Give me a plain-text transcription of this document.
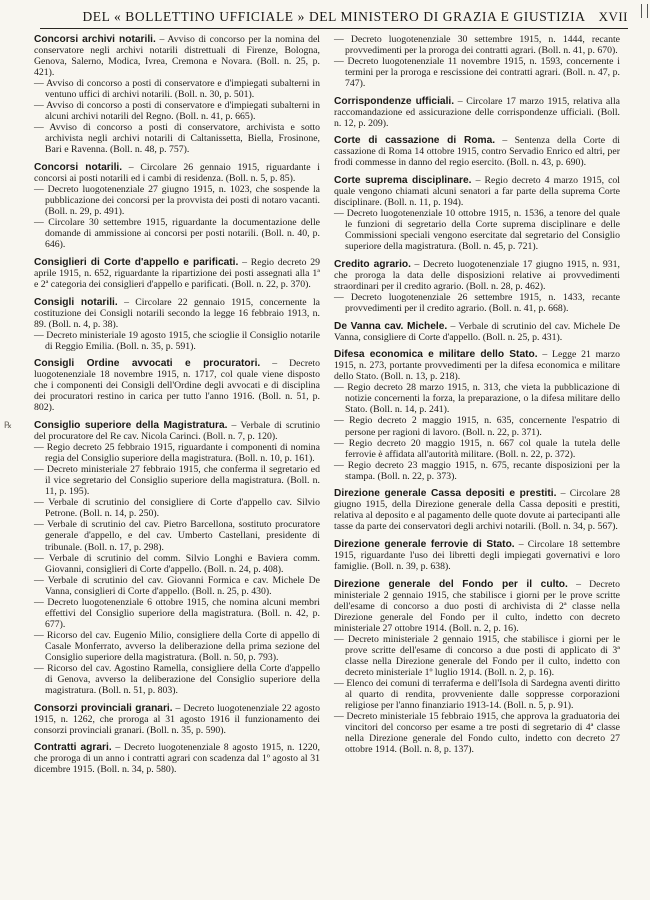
DEL « BOLLETTINO UFFICIALE » DEL MINISTERO DI GRAZIA E GIUSTIZIA	XVII
℞

Concorsi archivi notarili. – Avviso di concorso per la nomina del conservatore negli archivi notarili distrettuali di Firenze, Bologna, Genova, Salerno, Modica, Ivrea, Cremona e Novara. (Boll. n. 25, p. 421).

— Avviso di concorso a posti di conservatore e d'impiegati subalterni in ventuno uffici di archivi notarili. (Boll. n. 30, p. 501).

— Avviso di concorso a posti di conservatore e d'impiegati subalterni in alcuni archivi notarili del Regno. (Boll. n. 41, p. 665).

— Avviso di concorso a posti di conservatore, archivista e sotto archivista negli archivi notarili di Caltanissetta, Biella, Frosinone, Bari e Ravenna. (Boll. n. 48, p. 757).

Concorsi notarili. – Circolare 26 gennaio 1915, riguardante i concorsi ai posti notarili ed i cambi di residenza. (Boll. n. 5, p. 85).

— Decreto luogotenenziale 27 giugno 1915, n. 1023, che sospende la pubblicazione dei concorsi per la provvista dei posti di notaro vacanti. (Boll. n. 29, p. 491).

— Circolare 30 settembre 1915, riguardante la documentazione delle domande di ammissione ai concorsi per posti notarili. (Boll. n. 40, p. 646).

Consiglieri di Corte d'appello e parificati. – Regio decreto 29 aprile 1915, n. 652, riguardante la ripartizione dei posti assegnati alla 1ª e 2ª categoria dei consiglieri d'appello e parificati. (Boll. n. 22, p. 370).

Consigli notarili. – Circolare 22 gennaio 1915, concernente la costituzione dei Consigli notarili secondo la legge 16 febbraio 1913, n. 89. (Boll. n. 4, p. 38).

— Decreto ministeriale 19 agosto 1915, che scioglie il Consiglio notarile di Reggio Emilia. (Boll. n. 35, p. 591).

Consigli Ordine avvocati e procuratori. – Decreto luogotenenziale 18 novembre 1915, n. 1717, col quale viene disposto che i componenti dei Consigli dell'Ordine degli avvocati e di disciplina dei procuratori restino in carica per tutto l'anno 1916. (Boll. n. 51, p. 802).

Consiglio superiore della Magistratura. – Verbale di scrutinio del procuratore del Re cav. Nicola Carinci. (Boll. n. 7, p. 120).

— Regio decreto 25 febbraio 1915, riguardante i componenti di nomina regia del Consiglio superiore della magistratura. (Boll. n. 10, p. 161).

— Decreto ministeriale 27 febbraio 1915, che conferma il segretario ed il vice segretario del Consiglio superiore della magistratura. (Boll. n. 11, p. 195).

— Verbale di scrutinio del consigliere di Corte d'appello cav. Silvio Petrone. (Boll. n. 14, p. 250).

— Verbale di scrutinio del cav. Pietro Barcellona, sostituto procuratore generale d'appello, e del cav. Umberto Castellani, presidente di tribunale. (Boll. n. 17, p. 298).

— Verbale di scrutinio del comm. Silvio Longhi e Baviera comm. Giovanni, consiglieri di Corte d'appello. (Boll. n. 24, p. 408).

— Verbale di scrutinio del cav. Giovanni Formica e cav. Michele De Vanna, consiglieri di Corte d'appello. (Boll. n. 25, p. 430).

— Decreto luogotenenziale 6 ottobre 1915, che nomina alcuni membri effettivi del Consiglio superiore della magistratura. (Boll. n. 42, p. 677).

— Ricorso del cav. Eugenio Milio, consigliere della Corte di appello di Casale Monferrato, avverso la deliberazione della prima sezione del Consiglio superiore della magistratura. (Boll. n. 50, p. 793).

— Ricorso del cav. Agostino Ramella, consigliere della Corte d'appello di Genova, avverso la deliberazione del Consiglio superiore della magistratura. (Boll. n. 51, p. 803).

Consorzi provinciali granari. – Decreto luogotenenziale 22 agosto 1915, n. 1262, che proroga al 31 agosto 1916 il funzionamento dei consorzi provinciali granari. (Boll. n. 35, p. 590).

Contratti agrari. – Decreto luogotenenziale 8 agosto 1915, n. 1220, che proroga di un anno i contratti agrari con scadenza dal 1º agosto al 31 dicembre 1915. (Boll. n. 34, p. 580).

— Decreto luogotenenziale 30 settembre 1915, n. 1444, recante provvedimenti per la proroga dei contratti agrari. (Boll. n. 41, p. 670).

— Decreto luogotenenziale 11 novembre 1915, n. 1593, concernente i termini per la proroga e rescissione dei contratti agrari. (Boll. n. 47, p. 747).

Corrispondenze ufficiali. – Circolare 17 marzo 1915, relativa alla raccomandazione ed assicurazione delle corrispondenze ufficiali. (Boll. n. 12, p. 209).

Corte di cassazione di Roma. – Sentenza della Corte di cassazione di Roma 14 ottobre 1915, contro Servadio Enrico ed altri, per frodi commesse in danno del regio esercito. (Boll. n. 43, p. 690).

Corte suprema disciplinare. – Regio decreto 4 marzo 1915, col quale vengono chiamati alcuni senatori a far parte della suprema Corte disciplinare. (Boll. n. 11, p. 194).

— Decreto luogotenenziale 10 ottobre 1915, n. 1536, a tenore del quale le funzioni di segretario della Corte suprema disciplinare e delle Commissioni speciali vengono esercitate dal segretario del Consiglio superiore della magistratura. (Boll. n. 45, p. 721).

Credito agrario. – Decreto luogotenenziale 17 giugno 1915, n. 931, che proroga la data delle disposizioni relative ai provvedimenti straordinari per il credito agrario. (Boll. n. 28, p. 462).

— Decreto luogotenenziale 26 settembre 1915, n. 1433, recante provvedimenti per il credito agrario. (Boll. n. 41, p. 668).

De Vanna cav. Michele. – Verbale di scrutinio del cav. Michele De Vanna, consigliere di Corte d'appello. (Boll. n. 25, p. 431).

Difesa economica e militare dello Stato. – Legge 21 marzo 1915, n. 273, portante provvedimenti per la difesa economica e militare dello Stato. (Boll. n. 13, p. 218).

— Regio decreto 28 marzo 1915, n. 313, che vieta la pubblicazione di notizie concernenti la forza, la preparazione, o la difesa militare dello Stato. (Boll. n. 14, p. 241).

— Regio decreto 2 maggio 1915, n. 635, concernente l'espatrio di persone per ragioni di lavoro. (Boll. n. 22, p. 371).

— Regio decreto 20 maggio 1915, n. 667 col quale la tutela delle ferrovie è affidata all'autorità militare. (Boll. n. 22, p. 372).

— Regio decreto 23 maggio 1915, n. 675, recante disposizioni per la stampa. (Boll. n. 22, p. 373).

Direzione generale Cassa depositi e prestiti. – Circolare 28 giugno 1915, della Direzione generale della Cassa depositi e prestiti, relativa al deposito e al pagamento delle quote dovute ai partecipanti alle tasse da parte dei conservatori degli archivi notarili. (Boll. n. 34, p. 567).

Direzione generale ferrovie di Stato. – Circolare 18 settembre 1915, riguardante l'uso dei libretti degli impiegati governativi e loro famiglie. (Boll. n. 39, p. 638).

Direzione generale del Fondo per il culto. – Decreto ministeriale 2 gennaio 1915, che stabilisce i giorni per le prove scritte dell'esame di concorso a duo posti di archivista di 2ª classe nella Direzione generale del Fondo per il culto, indetto con decreto ministeriale 27 ottobre 1914. (Boll. n. 2, p. 16).

— Decreto ministeriale 2 gennaio 1915, che stabilisce i giorni per le prove scritte dell'esame di concorso a due posti di applicato di 3ª classe nella Direzione generale del Fondo per il culto, indetto con decreto ministeriale 1º luglio 1914. (Boll. n. 2, p. 16).

— Elenco dei comuni di terraferma e dell'Isola di Sardegna aventi diritto al quarto di rendita, provveniente dalle soppresse corporazioni religiose per l'anno finanziario 1913-14. (Boll. n. 5, p. 91).

— Decreto ministeriale 15 febbraio 1915, che approva la graduatoria dei vincitori del concorso per esame a tre posti di segretario di 4ª classe nella Direzione generale del Fondo culto, indetto con decreto 27 ottobre 1914. (Boll. n. 8, p. 137).
